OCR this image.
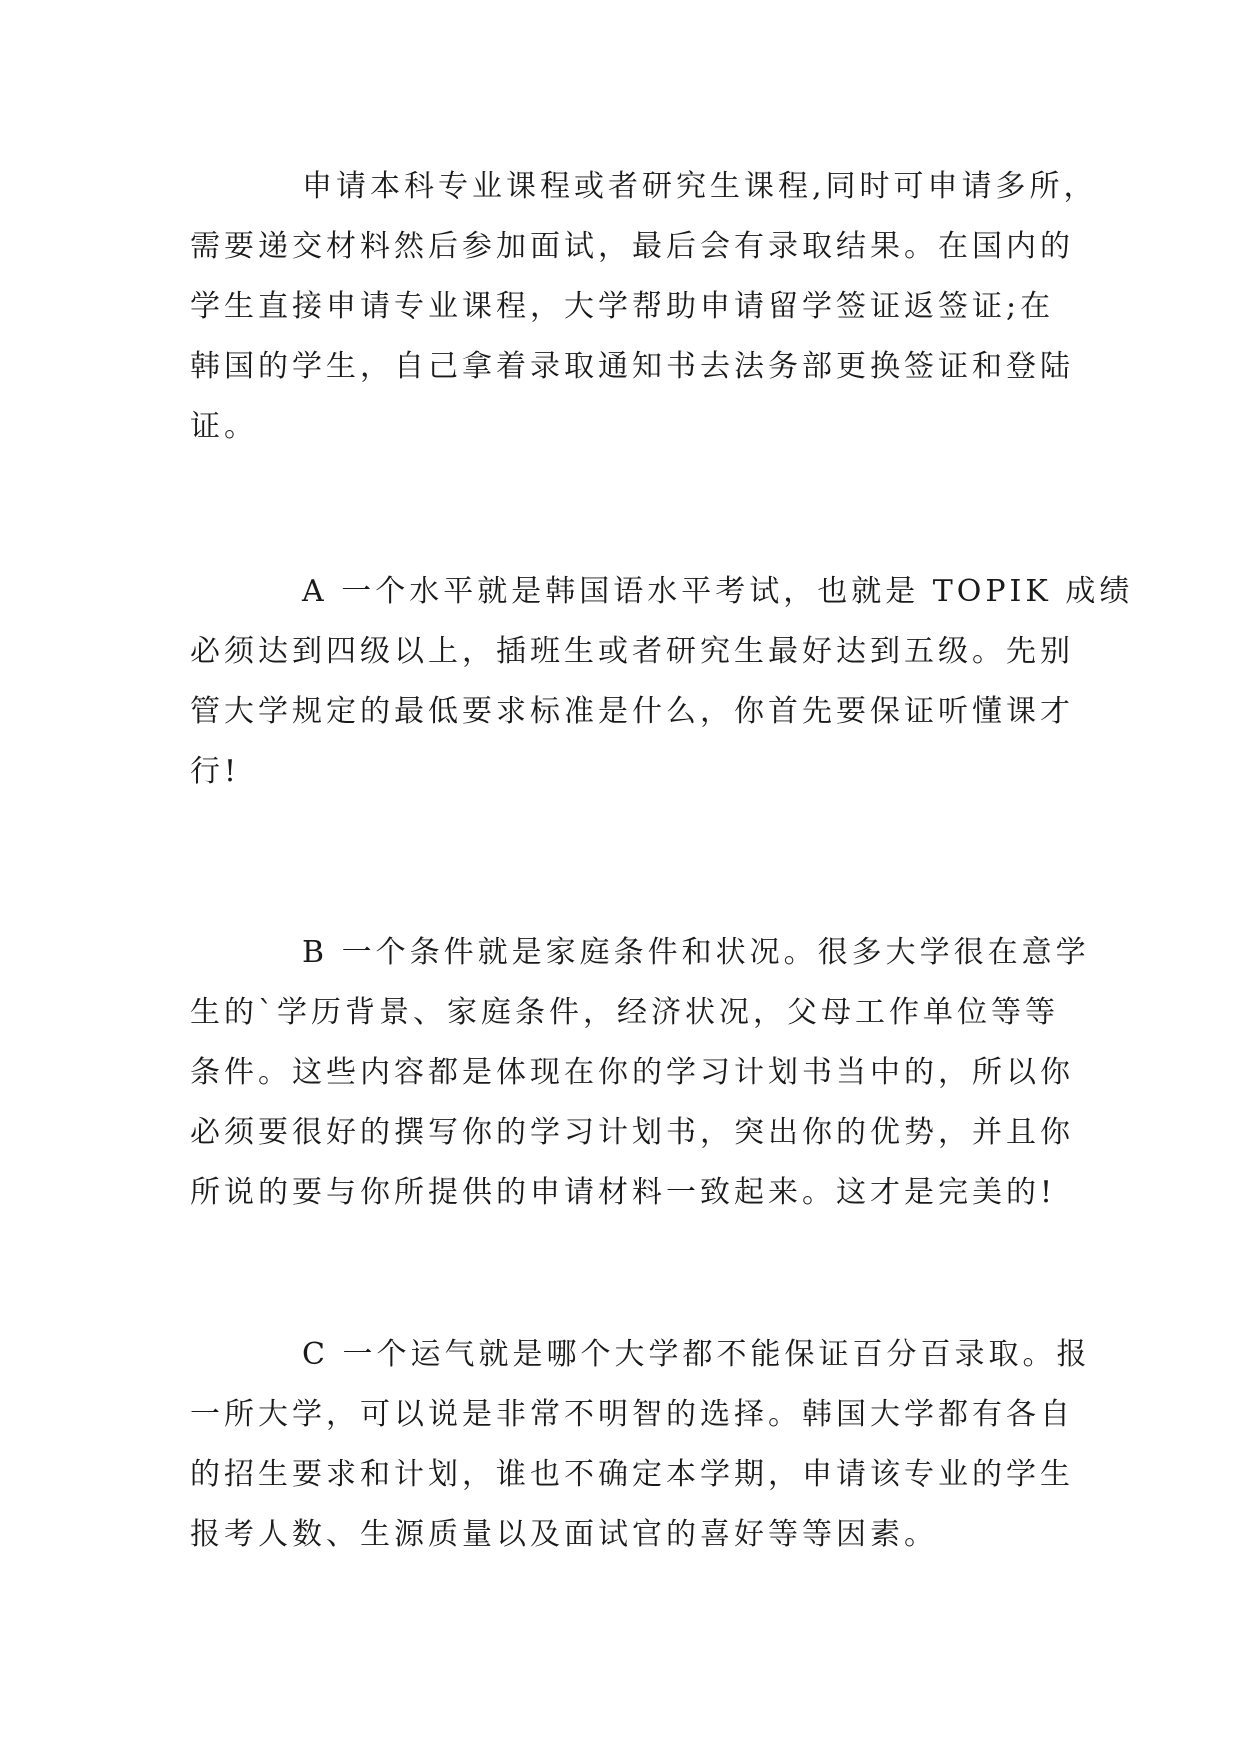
申请本科专业课程或者研究生课程,同时可申请多所，
需要递交材料然后参加面试，最后会有录取结果。在国内的
学生直接申请专业课程，大学帮助申请留学签证返签证;在
韩国的学生，自己拿着录取通知书去法务部更换签证和登陆
证。
A 一个水平就是韩国语水平考试，也就是 TOPIK 成绩
必须达到四级以上，插班生或者研究生最好达到五级。先别
管大学规定的最低要求标准是什么，你首先要保证听懂课才
行!
B 一个条件就是家庭条件和状况。很多大学很在意学
生的`学历背景、家庭条件，经济状况，父母工作单位等等
条件。这些内容都是体现在你的学习计划书当中的，所以你
必须要很好的撰写你的学习计划书，突出你的优势，并且你
所说的要与你所提供的申请材料一致起来。这才是完美的!
C 一个运气就是哪个大学都不能保证百分百录取。报
一所大学，可以说是非常不明智的选择。韩国大学都有各自
的招生要求和计划，谁也不确定本学期，申请该专业的学生
报考人数、生源质量以及面试官的喜好等等因素。
